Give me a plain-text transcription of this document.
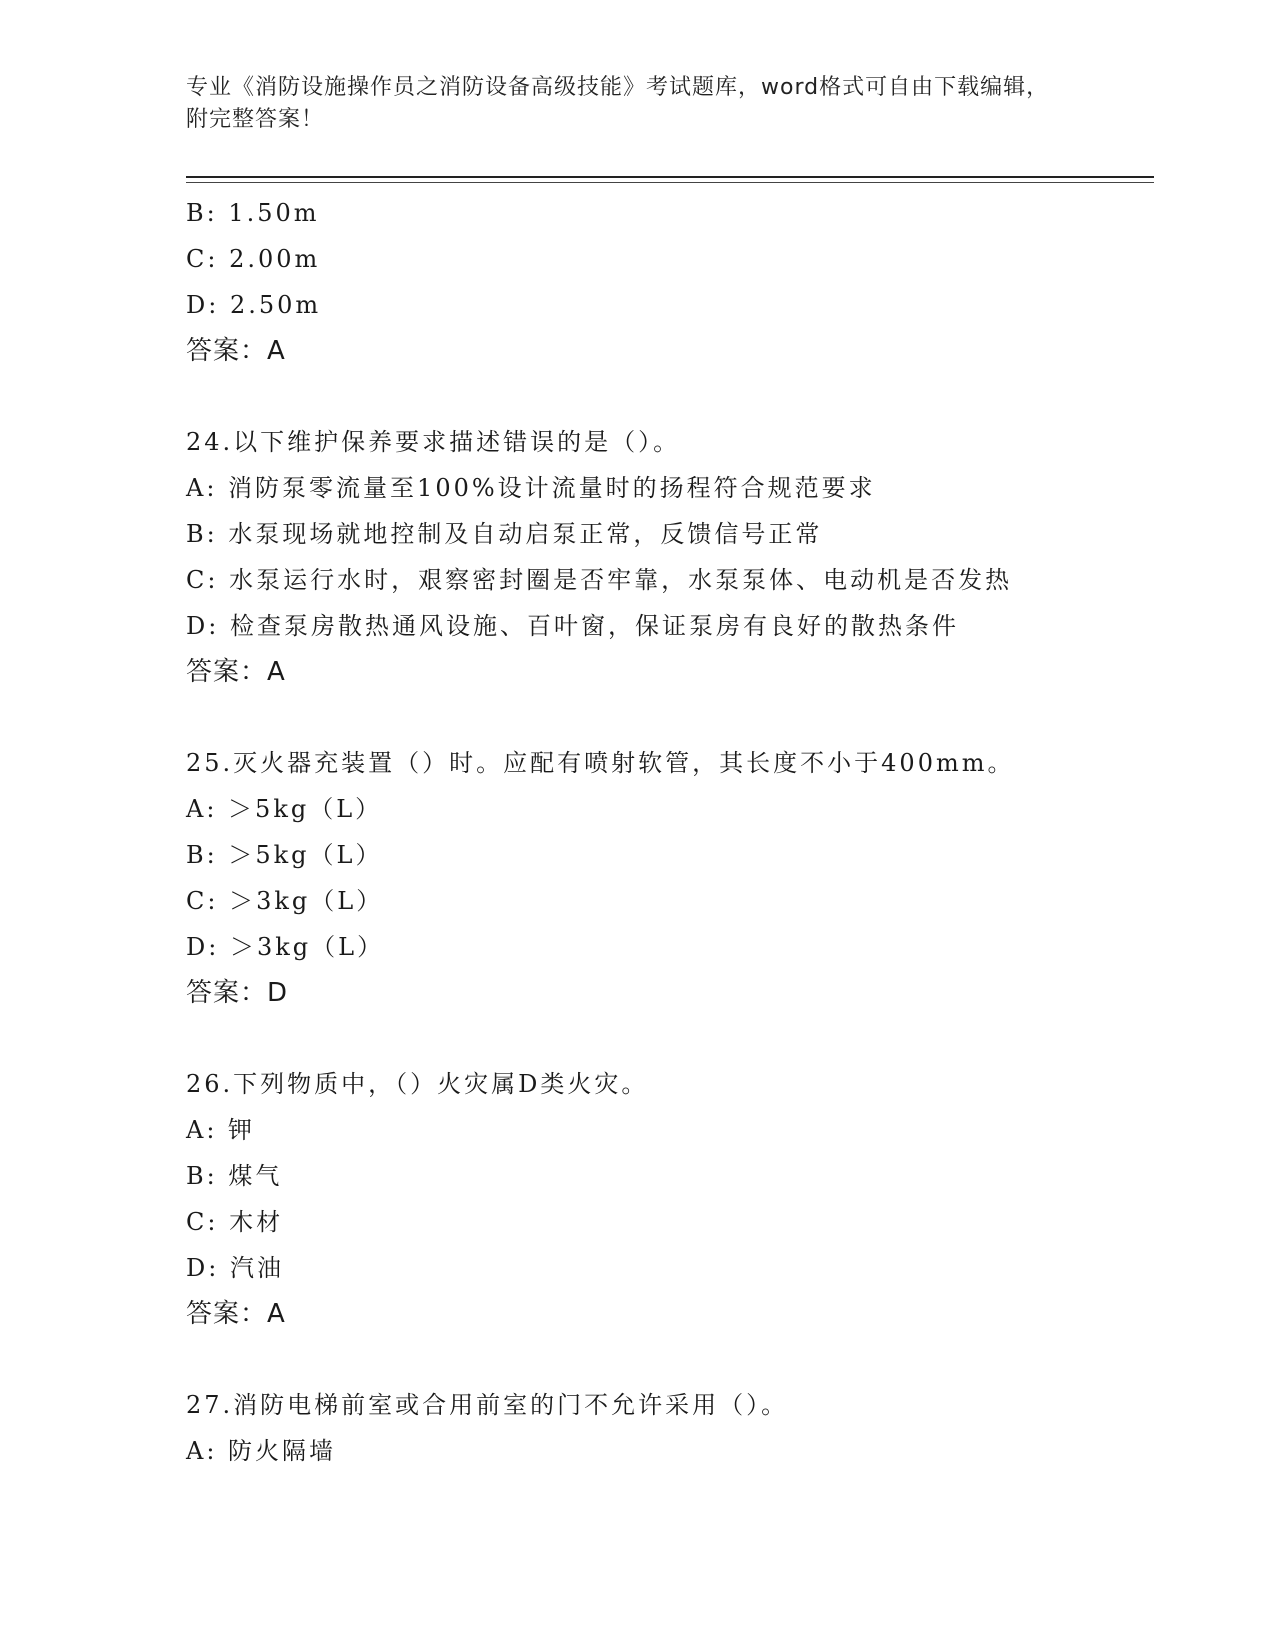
专业《消防设施操作员之消防设备高级技能》考试题库，word格式可自由下载编辑，附完整答案！
B: 1.50m
C: 2.00m
D: 2.50m
答案：A
24.以下维护保养要求描述错误的是（）。
A: 消防泵零流量至100%设计流量时的扬程符合规范要求
B: 水泵现场就地控制及自动启泵正常，反馈信号正常
C: 水泵运行水时，艰察密封圈是否牢靠，水泵泵体、电动机是否发热
D: 检查泵房散热通风设施、百叶窗，保证泵房有良好的散热条件
答案：A
25.灭火器充装置（）时。应配有喷射软管，其长度不小于400mm。
A: ＞5kg（L）
B: ＞5kg（L）
C: ＞3kg（L）
D: ＞3kg（L）
答案：D
26.下列物质中，（）火灾属D类火灾。
A: 钾
B: 煤气
C: 木材
D: 汽油
答案：A
27.消防电梯前室或合用前室的门不允许采用（）。
A: 防火隔墙
